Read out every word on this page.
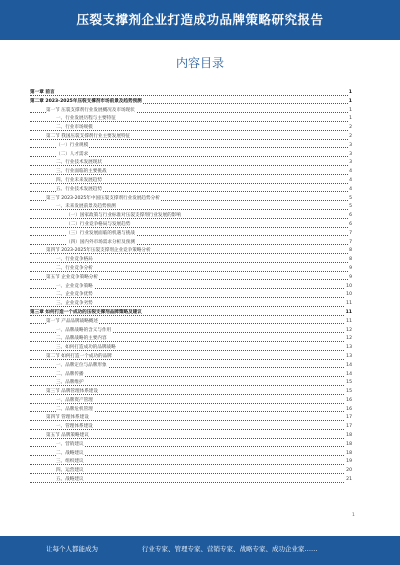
压裂支撑剂企业打造成功品牌策略研究报告
内容目录
第一章 前言	1
第二章 2023-2025年压裂支撑剂市场前景及趋势预测	1
第一节 压裂支撑剂行业发展概况及市场现状	1
一、行业发展历程与主要特征	1
二、行业市场规模	2
第二节 我国压裂支撑剂行业主要发展特征	2
（一）行业规模	3
（二）人才需求	3
二、行业技术发展现状	3
三、行业面临的主要挑战	4
四、行业未来发展趋势	4
五、行业技术发展趋势	4
第三节 2023-2025年中国压裂支撑剂行业发展趋势分析	5
一、未来发展前景及趋势预测	5
（一）国家政策与行业标准对压裂支撑剂行业发展的影响	6
（二）行业竞争格局与发展趋势	6
（三）行业发展面临的机遇与挑战	7
（四）国内外市场需求分析及预测	7
第四节 2023-2025年压裂支撑剂企业竞争策略分析	8
一、行业竞争格局	8
二、行业竞争分析	9
第五节 企业竞争策略分析	9
一、企业竞争策略	10
二、企业竞争优势	10
三、企业竞争劣势	11
第三章 如何打造一个成功的压裂支撑剂品牌策略及建议	11
第一节 产品品牌战略概述	11
一、品牌战略的含义与作用	12
二、品牌战略的主要内容	12
三、如何打造成功的品牌战略	13
第二节 如何打造一个成功的品牌	13
一、品牌定位与品牌形象	14
二、品牌传播	14
三、品牌维护	15
第三节 品牌管理体系建设	15
一、品牌资产管理	16
二、品牌危机管理	16
第四节 管理体系建设	17
一、管理体系建设	17
第五节 品牌策略建议	18
一、营销建议	18
二、战略建议	18
三、组织建议	19
四、运营建议	20
五、战略建议	21
1
让每个人都能成为	行业专家、管理专家、营销专家、战略专家、成功企业家……
